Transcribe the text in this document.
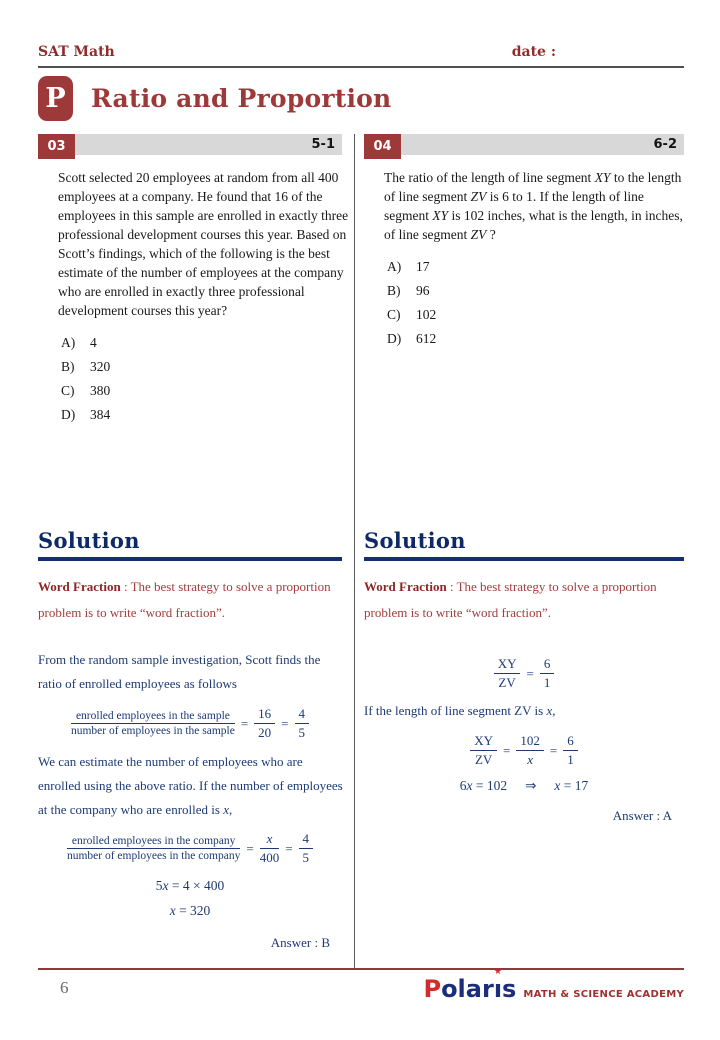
SAT Math	date :
P Ratio and Proportion
03	5-1
Scott selected 20 employees at random from all 400 employees at a company. He found that 16 of the employees in this sample are enrolled in exactly three professional development courses this year. Based on Scott’s findings, which of the following is the best estimate of the number of employees at the company who are enrolled in exactly three professional development courses this year?
A)	4
B)	320
C)	380
D)	384
Solution
Word Fraction : The best strategy to solve a proportion problem is to write “word fraction”.
From the random sample investigation, Scott finds the ratio of enrolled employees as follows
$\frac{\text{enrolled employees in the sample}}{\text{number of employees in the sample}} = \frac{16}{20} = \frac{4}{5}$
We can estimate the number of employees who are enrolled using the above ratio. If the number of employees at the company who are enrolled is x,
$\frac{\text{enrolled employees in the company}}{\text{number of employees in the company}} = \frac{x}{400} = \frac{4}{5}$
5x = 4 × 400
x = 320
Answer : B
04	6-2
The ratio of the length of line segment XY to the length of line segment ZV is 6 to 1. If the length of line segment XY is 102 inches, what is the length, in inches, of line segment ZV ?
A)	17
B)	96
C)	102
D)	612
Solution
Word Fraction : The best strategy to solve a proportion problem is to write “word fraction”.
$\frac{XY}{ZV} = \frac{6}{1}$
If the length of line segment ZV is x,
$\frac{XY}{ZV} = \frac{102}{x} = \frac{6}{1}$
6x = 102 ⇒ x = 17
Answer : A
6	P olar ı
★
s MATH & SCIENCE ACADEMY
